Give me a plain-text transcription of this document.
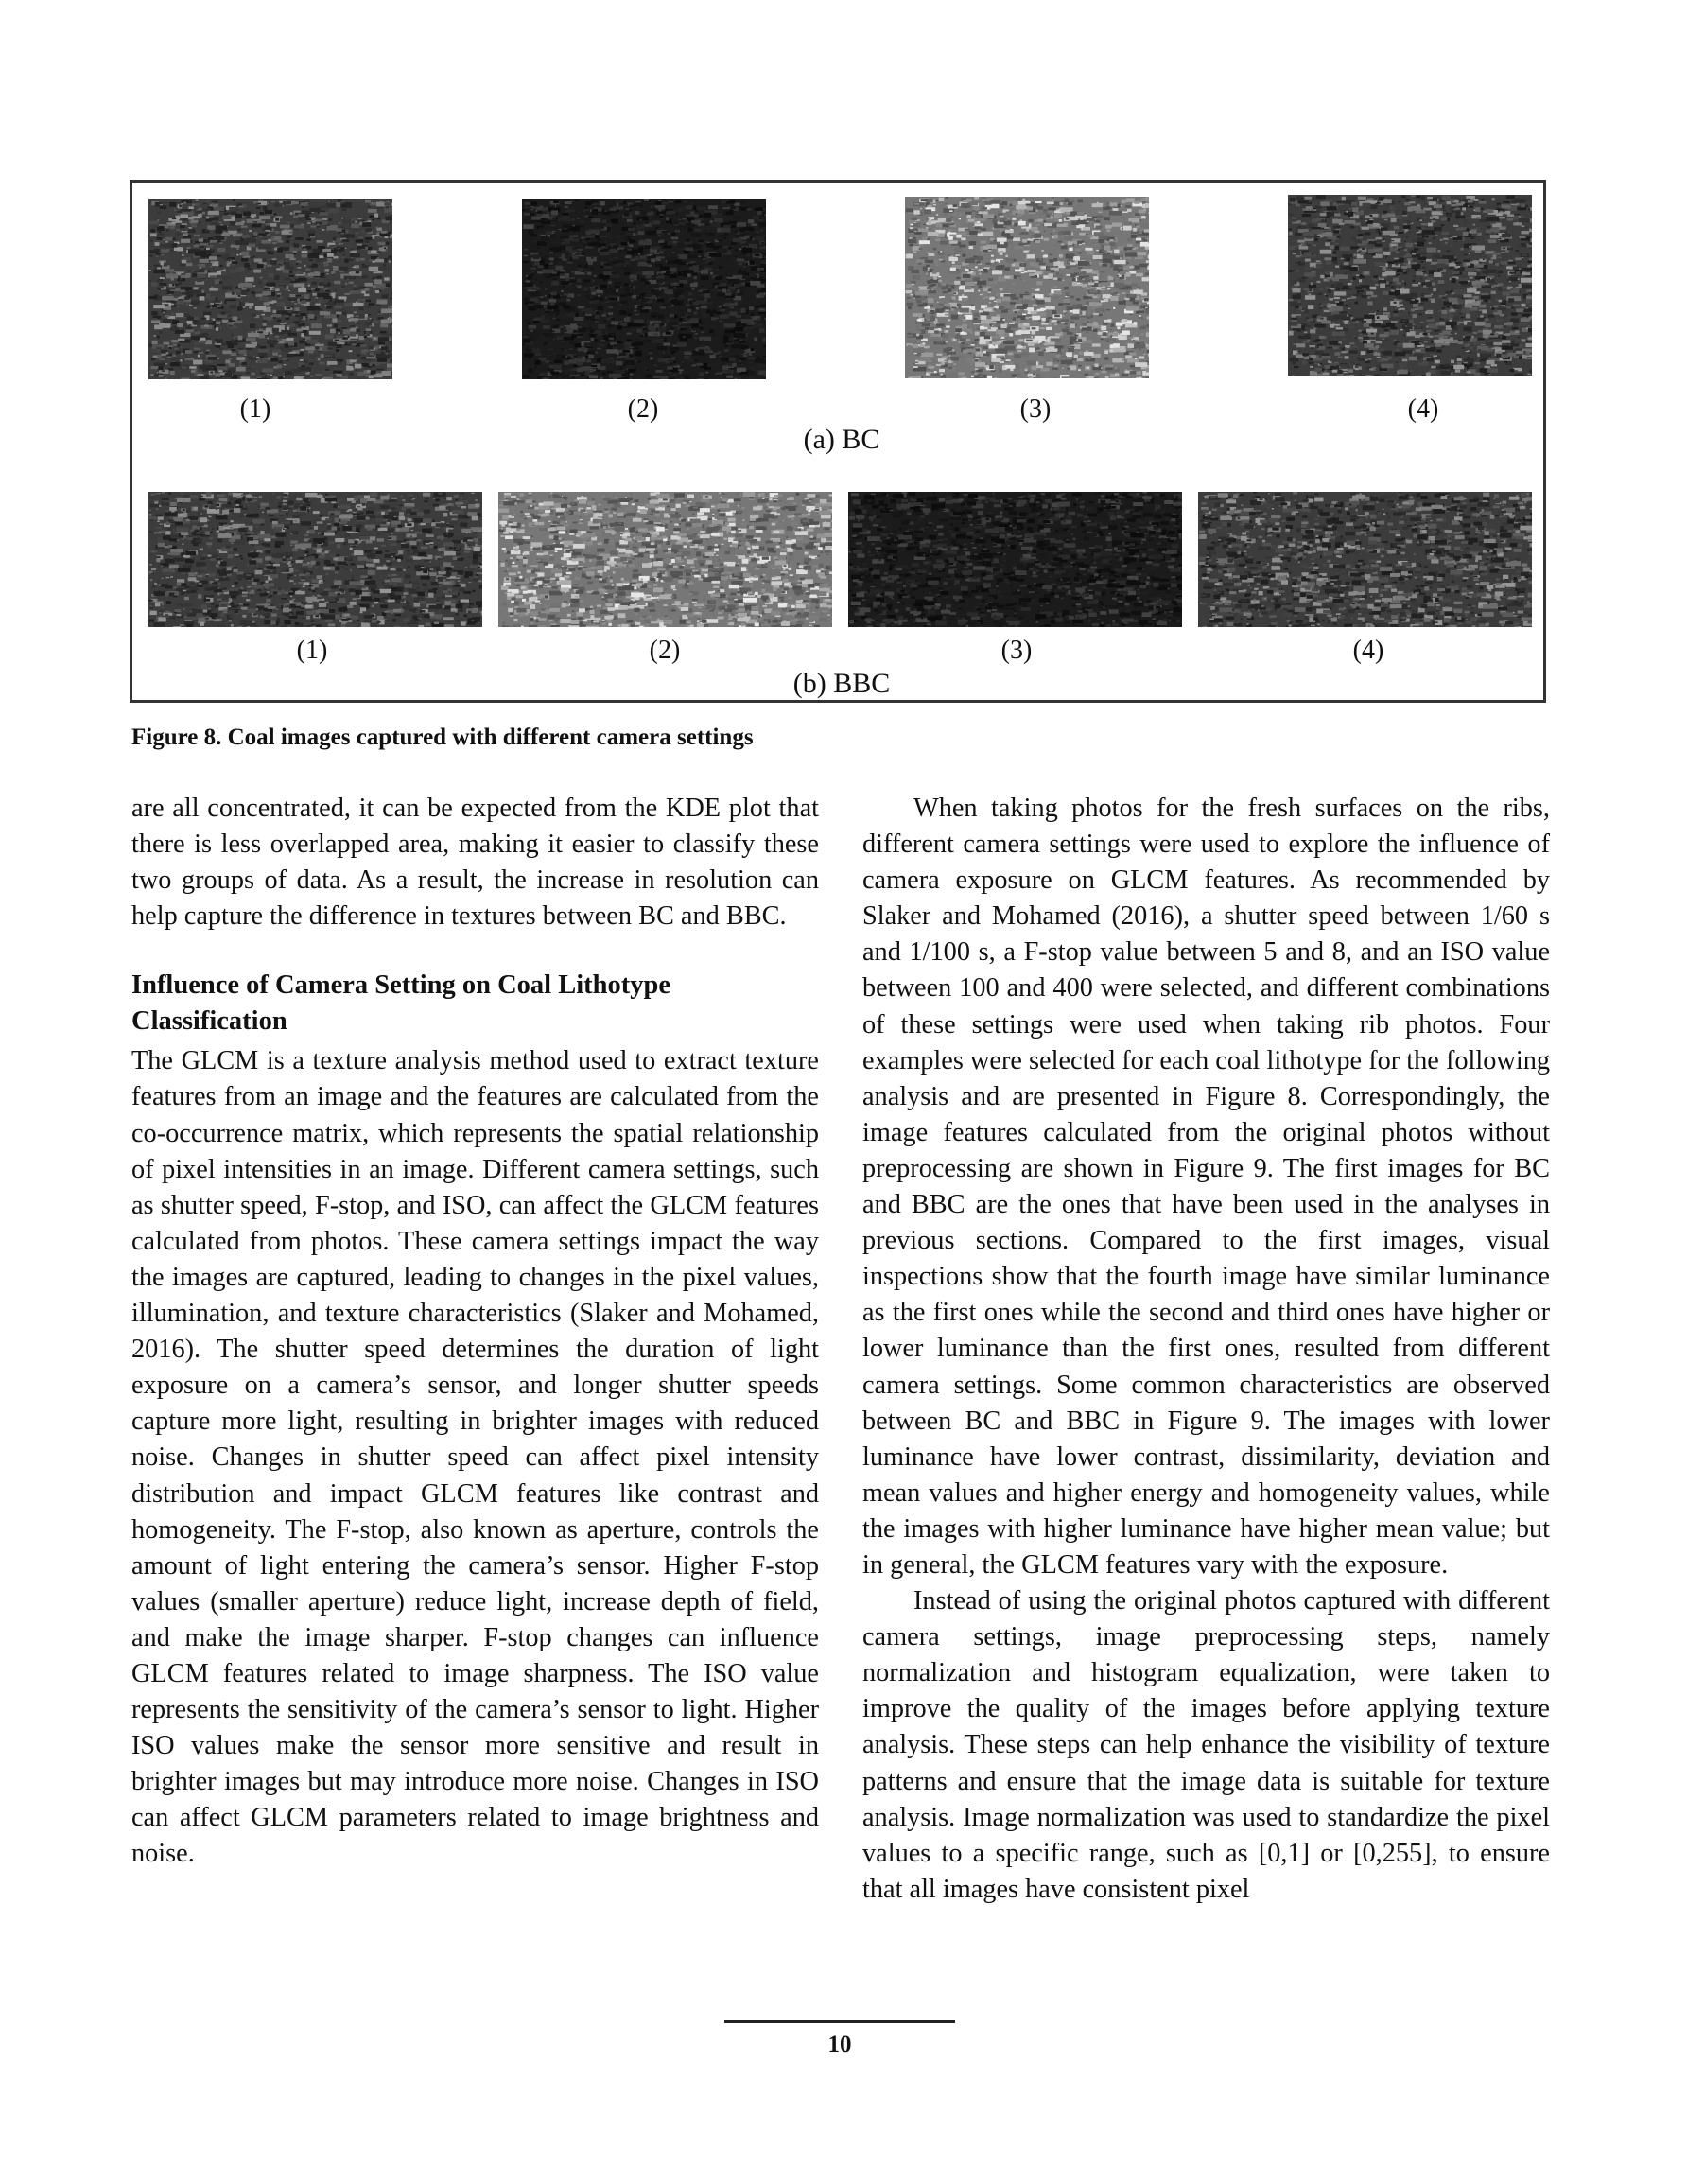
(1)	(2)	(3)	(4)
(a) BC
(1)	(2)	(3)	(4)
(b) BBC
Figure 8. Coal images captured with different camera settings

are all concentrated, it can be expected from the KDE plot that there is less overlapped area, making it easier to classify these two groups of data. As a result, the increase in resolution can help capture the difference in textures between BC and BBC.

Influence of Camera Setting on Coal Lithotype Classification

The GLCM is a texture analysis method used to extract texture features from an image and the features are calculated from the co-occurrence matrix, which represents the spatial relationship of pixel intensities in an image. Different camera settings, such as shutter speed, F-stop, and ISO, can affect the GLCM features calculated from photos. These camera settings impact the way the images are captured, leading to changes in the pixel values, illumination, and texture characteristics (Slaker and Mohamed, 2016). The shutter speed determines the duration of light exposure on a camera’s sensor, and longer shutter speeds capture more light, resulting in brighter images with reduced noise. Changes in shutter speed can affect pixel intensity distribution and impact GLCM features like contrast and homogeneity. The F-stop, also known as aperture, controls the amount of light entering the camera’s sensor. Higher F-stop values (smaller aperture) reduce light, increase depth of field, and make the image sharper. F-stop changes can influence GLCM features related to image sharpness. The ISO value represents the sensitivity of the camera’s sensor to light. Higher ISO values make the sensor more sensitive and result in brighter images but may introduce more noise. Changes in ISO can affect GLCM parameters related to image brightness and noise.

When taking photos for the fresh surfaces on the ribs, different camera settings were used to explore the influence of camera exposure on GLCM features. As recommended by Slaker and Mohamed (2016), a shutter speed between 1/60 s and 1/100 s, a F-stop value between 5 and 8, and an ISO value between 100 and 400 were selected, and different combinations of these settings were used when taking rib photos. Four examples were selected for each coal lithotype for the following analysis and are presented in Figure 8. Correspondingly, the image features calculated from the original photos without preprocessing are shown in Figure 9. The first images for BC and BBC are the ones that have been used in the analyses in previous sections. Compared to the first images, visual inspections show that the fourth image have similar luminance as the first ones while the second and third ones have higher or lower luminance than the first ones, resulted from different camera settings. Some common characteristics are observed between BC and BBC in Figure 9. The images with lower luminance have lower contrast, dissimilarity, deviation and mean values and higher energy and homogeneity values, while the images with higher luminance have higher mean value; but in general, the GLCM features vary with the exposure.

Instead of using the original photos captured with different camera settings, image preprocessing steps, namely normalization and histogram equalization, were taken to improve the quality of the images before applying texture analysis. These steps can help enhance the visibility of texture patterns and ensure that the image data is suitable for texture analysis. Image normalization was used to standardize the pixel values to a specific range, such as [0,1] or [0,255], to ensure that all images have consistent pixel

10
